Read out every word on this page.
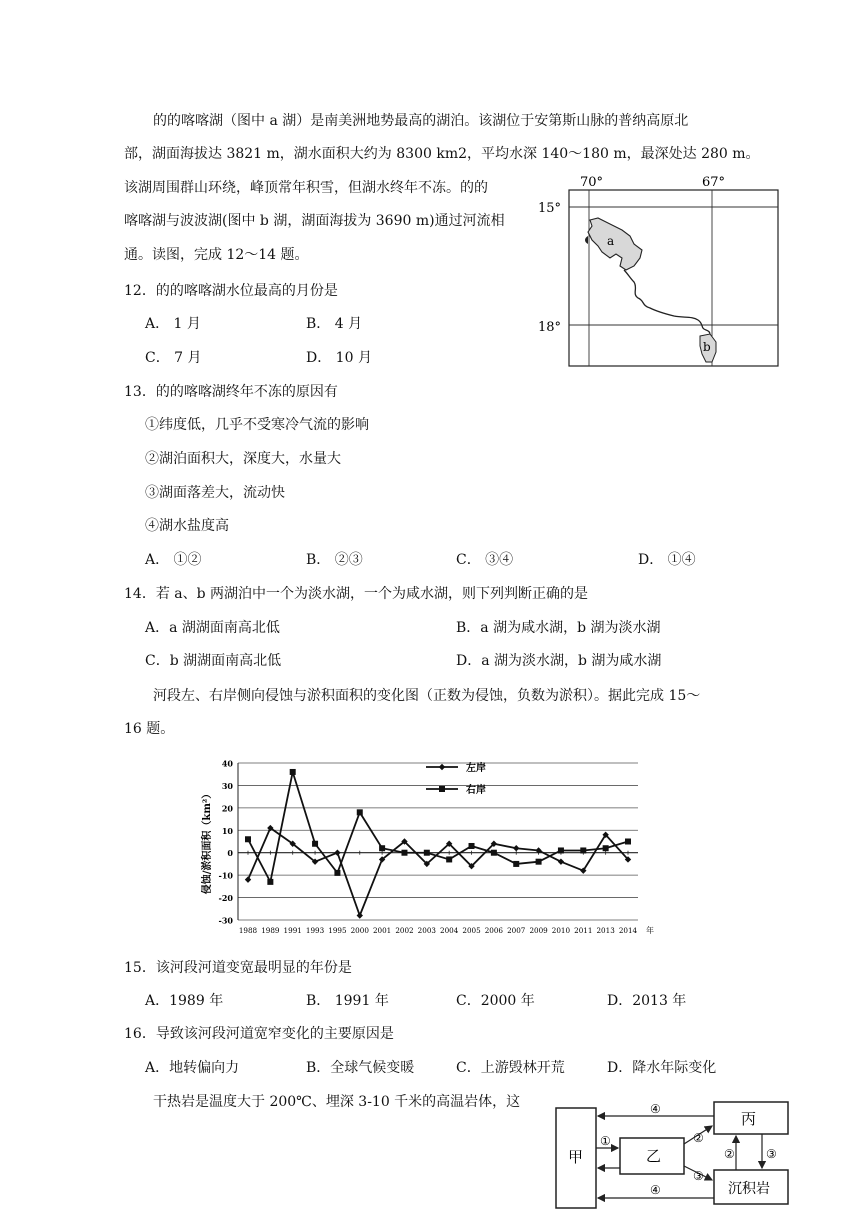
的的喀喀湖（图中 a 湖）是南美洲地势最高的湖泊。该湖位于安第斯山脉的普纳高原北
部，湖面海拔达 3821 m，湖水面积大约为 8300 km2，平均水深 140～180 m，最深处达 280 m。
该湖周围群山环绕，峰顶常年积雪，但湖水终年不冻。的的
喀喀湖与波波湖(图中 b 湖，湖面海拔为 3690 m)通过河流相
通。读图，完成 12～14 题。
70°	67°
15°
18°
a
b
12．的的喀喀湖水位最高的月份是
A． 1 月	B． 4 月
C． 7 月	D． 10 月
13．的的喀喀湖终年不冻的原因有
①纬度低，几乎不受寒冷气流的影响
②湖泊面积大，深度大，水量大
③湖面落差大，流动快
④湖水盐度高
A． ①②	B． ②③	C． ③④	D． ①④
14．若 a、b 两湖泊中一个为淡水湖，一个为咸水湖，则下列判断正确的是
A．a 湖湖面南高北低	B．a 湖为咸水湖，b 湖为淡水湖
C．b 湖湖面南高北低	D．a 湖为淡水湖，b 湖为咸水湖
河段左、右岸侧向侵蚀与淤积面积的变化图（正数为侵蚀，负数为淤积）。据此完成 15～
16 题。
40
30
20
10
0
-10
-20
-30
侵蚀/淤积面积（km²）
1988 1989 1991 1993 1995 2000 2001 2002 2003 2004 2005 2006 2007 2009 2010 2011 2013 2014 年
左岸
右岸
15．该河段河道变宽最明显的年份是
A．1989 年	B． 1991 年	C．2000 年	D．2013 年
16．导致该河段河道宽窄变化的主要原因是
A．地转偏向力	B．全球气候变暖	C．上游毁林开荒	D．降水年际变化
干热岩是温度大于 200℃、埋深 3-10 千米的高温岩体，这
甲	乙
丙
沉积岩
④
①	②
③
②	③
④
